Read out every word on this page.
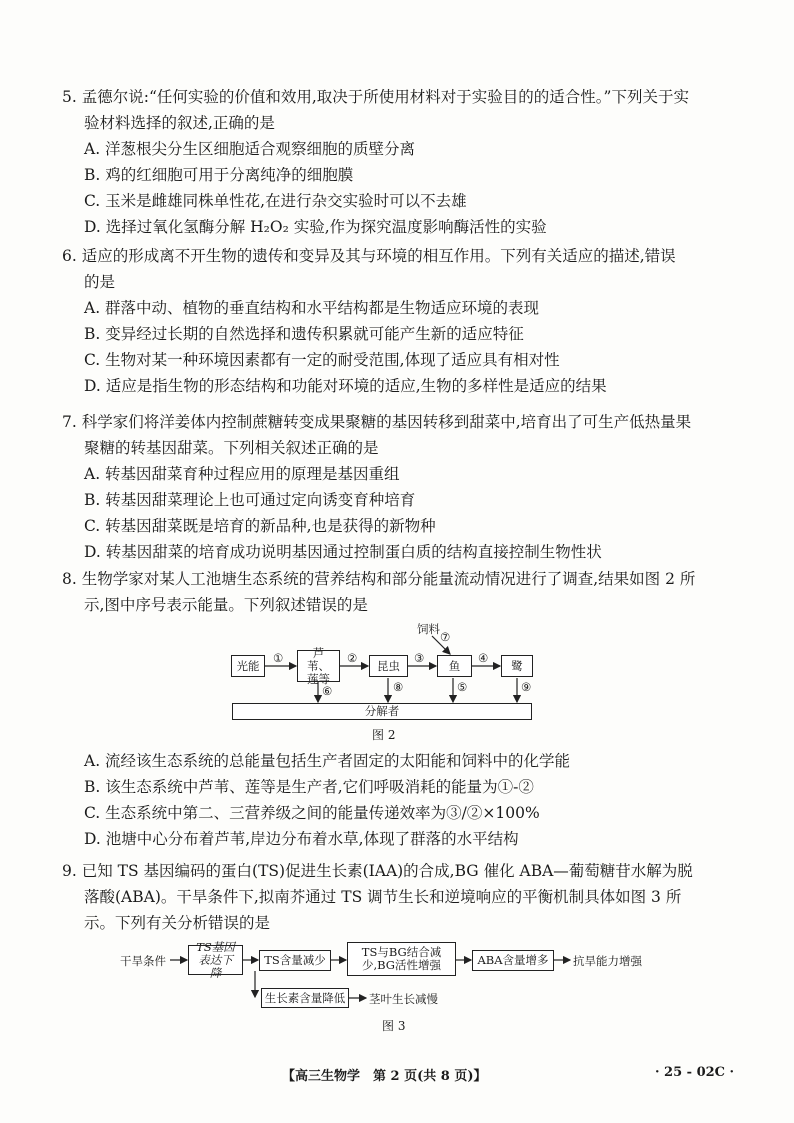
5. 孟德尔说:“任何实验的价值和效用,取决于所使用材料对于实验目的的适合性。”下列关于实

验材料选择的叙述,正确的是

A. 洋葱根尖分生区细胞适合观察细胞的质壁分离

B. 鸡的红细胞可用于分离纯净的细胞膜

C. 玉米是雌雄同株单性花,在进行杂交实验时可以不去雄

D. 选择过氧化氢酶分解 H₂O₂ 实验,作为探究温度影响酶活性的实验

6. 适应的形成离不开生物的遗传和变异及其与环境的相互作用。下列有关适应的描述,错误

的是

A. 群落中动、植物的垂直结构和水平结构都是生物适应环境的表现

B. 变异经过长期的自然选择和遗传积累就可能产生新的适应特征

C. 生物对某一种环境因素都有一定的耐受范围,体现了适应具有相对性

D. 适应是指生物的形态结构和功能对环境的适应,生物的多样性是适应的结果

7. 科学家们将洋姜体内控制蔗糖转变成果聚糖的基因转移到甜菜中,培育出了可生产低热量果

聚糖的转基因甜菜。下列相关叙述正确的是

A. 转基因甜菜育种过程应用的原理是基因重组

B. 转基因甜菜理论上也可通过定向诱变育种培育

C. 转基因甜菜既是培育的新品种,也是获得的新物种

D. 转基因甜菜的培育成功说明基因通过控制蛋白质的结构直接控制生物性状

8. 生物学家对某人工池塘生态系统的营养结构和部分能量流动情况进行了调查,结果如图 2 所

示,图中序号表示能量。下列叙述错误的是

光能
芦苇、莲等
昆虫	鱼	鹭
分解者
饲料
⑦
①	②	③	④
⑥	⑧	⑤	⑨
图 2

A. 流经该生态系统的总能量包括生产者固定的太阳能和饲料中的化学能

B. 该生态系统中芦苇、莲等是生产者,它们呼吸消耗的能量为①-②

C. 生态系统中第二、三营养级之间的能量传递效率为③/②×100%

D. 池塘中心分布着芦苇,岸边分布着水草,体现了群落的水平结构

9. 已知 TS 基因编码的蛋白(TS)促进生长素(IAA)的合成,BG 催化 ABA—葡萄糖苷水解为脱

落酸(ABA)。干旱条件下,拟南芥通过 TS 调节生长和逆境响应的平衡机制具体如图 3 所

示。下列有关分析错误的是

干旱条件
TS基因表达下降
TS含量减少
TS与BG结合减少,BG活性增强	ABA含量增多	抗旱能力增强
生长素含量降低	茎叶生长减慢
图 3
【高三生物学　第 2 页(共 8 页)】	· 25 - 02C ·
